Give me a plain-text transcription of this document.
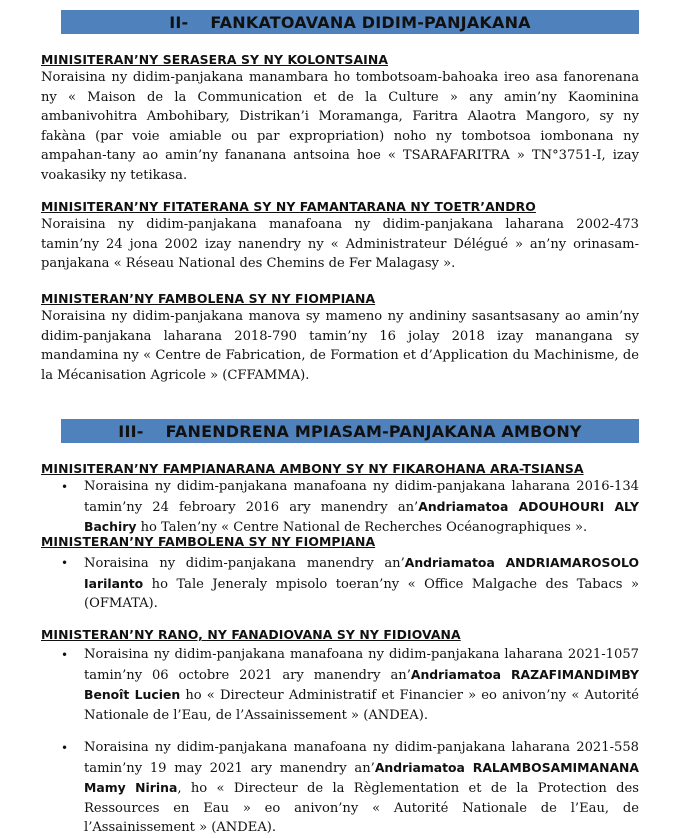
II- FANKATOAVANA DIDIM-PANJAKANA
MINISITERAN’NY SERASERA SY NY KOLONTSAINA
Noraisina ny didim-panjakana manambara ho tombotsoam-bahoaka ireo asa fanorenana ny « Maison de la Communication et de la Culture » any amin’ny Kaominina ambanivohitra Ambohibary, Distrikan’i Moramanga, Faritra Alaotra Mangoro, sy ny fakàna (par voie amiable ou par expropriation) noho ny tombotsoa iombonana ny ampahan-tany ao amin’ny fananana antsoina hoe « TSARAFARITRA » TN°3751-I, izay voakasiky ny tetikasa.
MINISITERAN’NY FITATERANA SY NY FAMANTARANA NY TOETR’ANDRO
Noraisina ny didim-panjakana manafoana ny didim-panjakana laharana 2002-473 tamin’ny 24 jona 2002 izay nanendry ny « Administrateur Délégué » an’ny orinasam-panjakana « Réseau National des Chemins de Fer Malagasy ».
MINISTERAN’NY FAMBOLENA SY NY FIOMPIANA
Noraisina ny didim-panjakana manova sy mameno ny andininy sasantsasany ao amin’ny didim-panjakana laharana 2018-790 tamin’ny 16 jolay 2018 izay manangana sy mandamina ny « Centre de Fabrication, de Formation et d’Application du Machinisme, de la Mécanisation Agricole » (CFFAMMA).
III- FANENDRENA MPIASAM-PANJAKANA AMBONY
MINISITERAN’NY FAMPIANARANA AMBONY SY NY FIKAROHANA ARA-TSIANSA
• Noraisina ny didim-panjakana manafoana ny didim-panjakana laharana 2016-134 tamin’ny 24 febroary 2016 ary manendry an’Andriamatoa ADOUHOURI ALY Bachiry ho Talen’ny « Centre National de Recherches Océanographiques ».
MINISTERAN’NY FAMBOLENA SY NY FIOMPIANA
• Noraisina ny didim-panjakana manendry an’Andriamatoa ANDRIAMAROSOLO Iarilanto ho Tale Jeneraly mpisolo toeran’ny « Office Malgache des Tabacs » (OFMATA).
MINISTERAN’NY RANO, NY FANADIOVANA SY NY FIDIOVANA
• Noraisina ny didim-panjakana manafoana ny didim-panjakana laharana 2021-1057 tamin’ny 06 octobre 2021 ary manendry an’Andriamatoa RAZAFIMANDIMBY Benoît Lucien ho « Directeur Administratif et Financier » eo anivon’ny « Autorité Nationale de l’Eau, de l’Assainissement » (ANDEA).
• Noraisina ny didim-panjakana manafoana ny didim-panjakana laharana 2021-558 tamin’ny 19 may 2021 ary manendry an’Andriamatoa RALAMBOSAMIMANANA Mamy Nirina, ho « Directeur de la Règlementation et de la Protection des Ressources en Eau » eo anivon’ny « Autorité Nationale de l’Eau, de l’Assainissement » (ANDEA).
